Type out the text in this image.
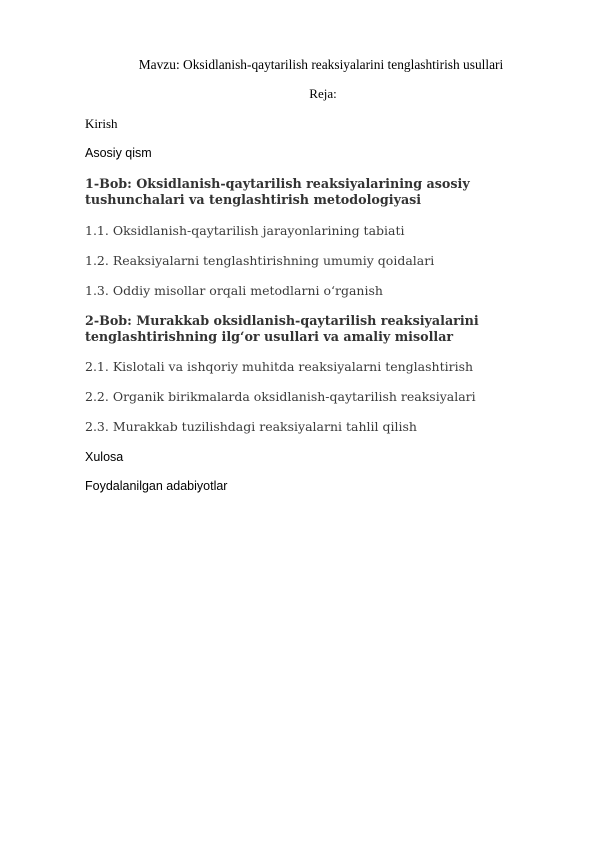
Mavzu: Oksidlanish-qaytarilish reaksiyalarini tenglashtirish usullari
Reja:
Kirish
Asosiy qism
1-Bob: Oksidlanish-qaytarilish reaksiyalarining asosiy tushunchalari va tenglashtirish metodologiyasi
1.1. Oksidlanish-qaytarilish jarayonlarining tabiati
1.2. Reaksiyalarni tenglashtirishning umumiy qoidalari
1.3. Oddiy misollar orqali metodlarni o‘rganish
2-Bob: Murakkab oksidlanish-qaytarilish reaksiyalarini tenglashtirishning ilg‘or usullari va amaliy misollar
2.1. Kislotali va ishqoriy muhitda reaksiyalarni tenglashtirish
2.2. Organik birikmalarda oksidlanish-qaytarilish reaksiyalari
2.3. Murakkab tuzilishdagi reaksiyalarni tahlil qilish
Xulosa
Foydalanilgan adabiyotlar
